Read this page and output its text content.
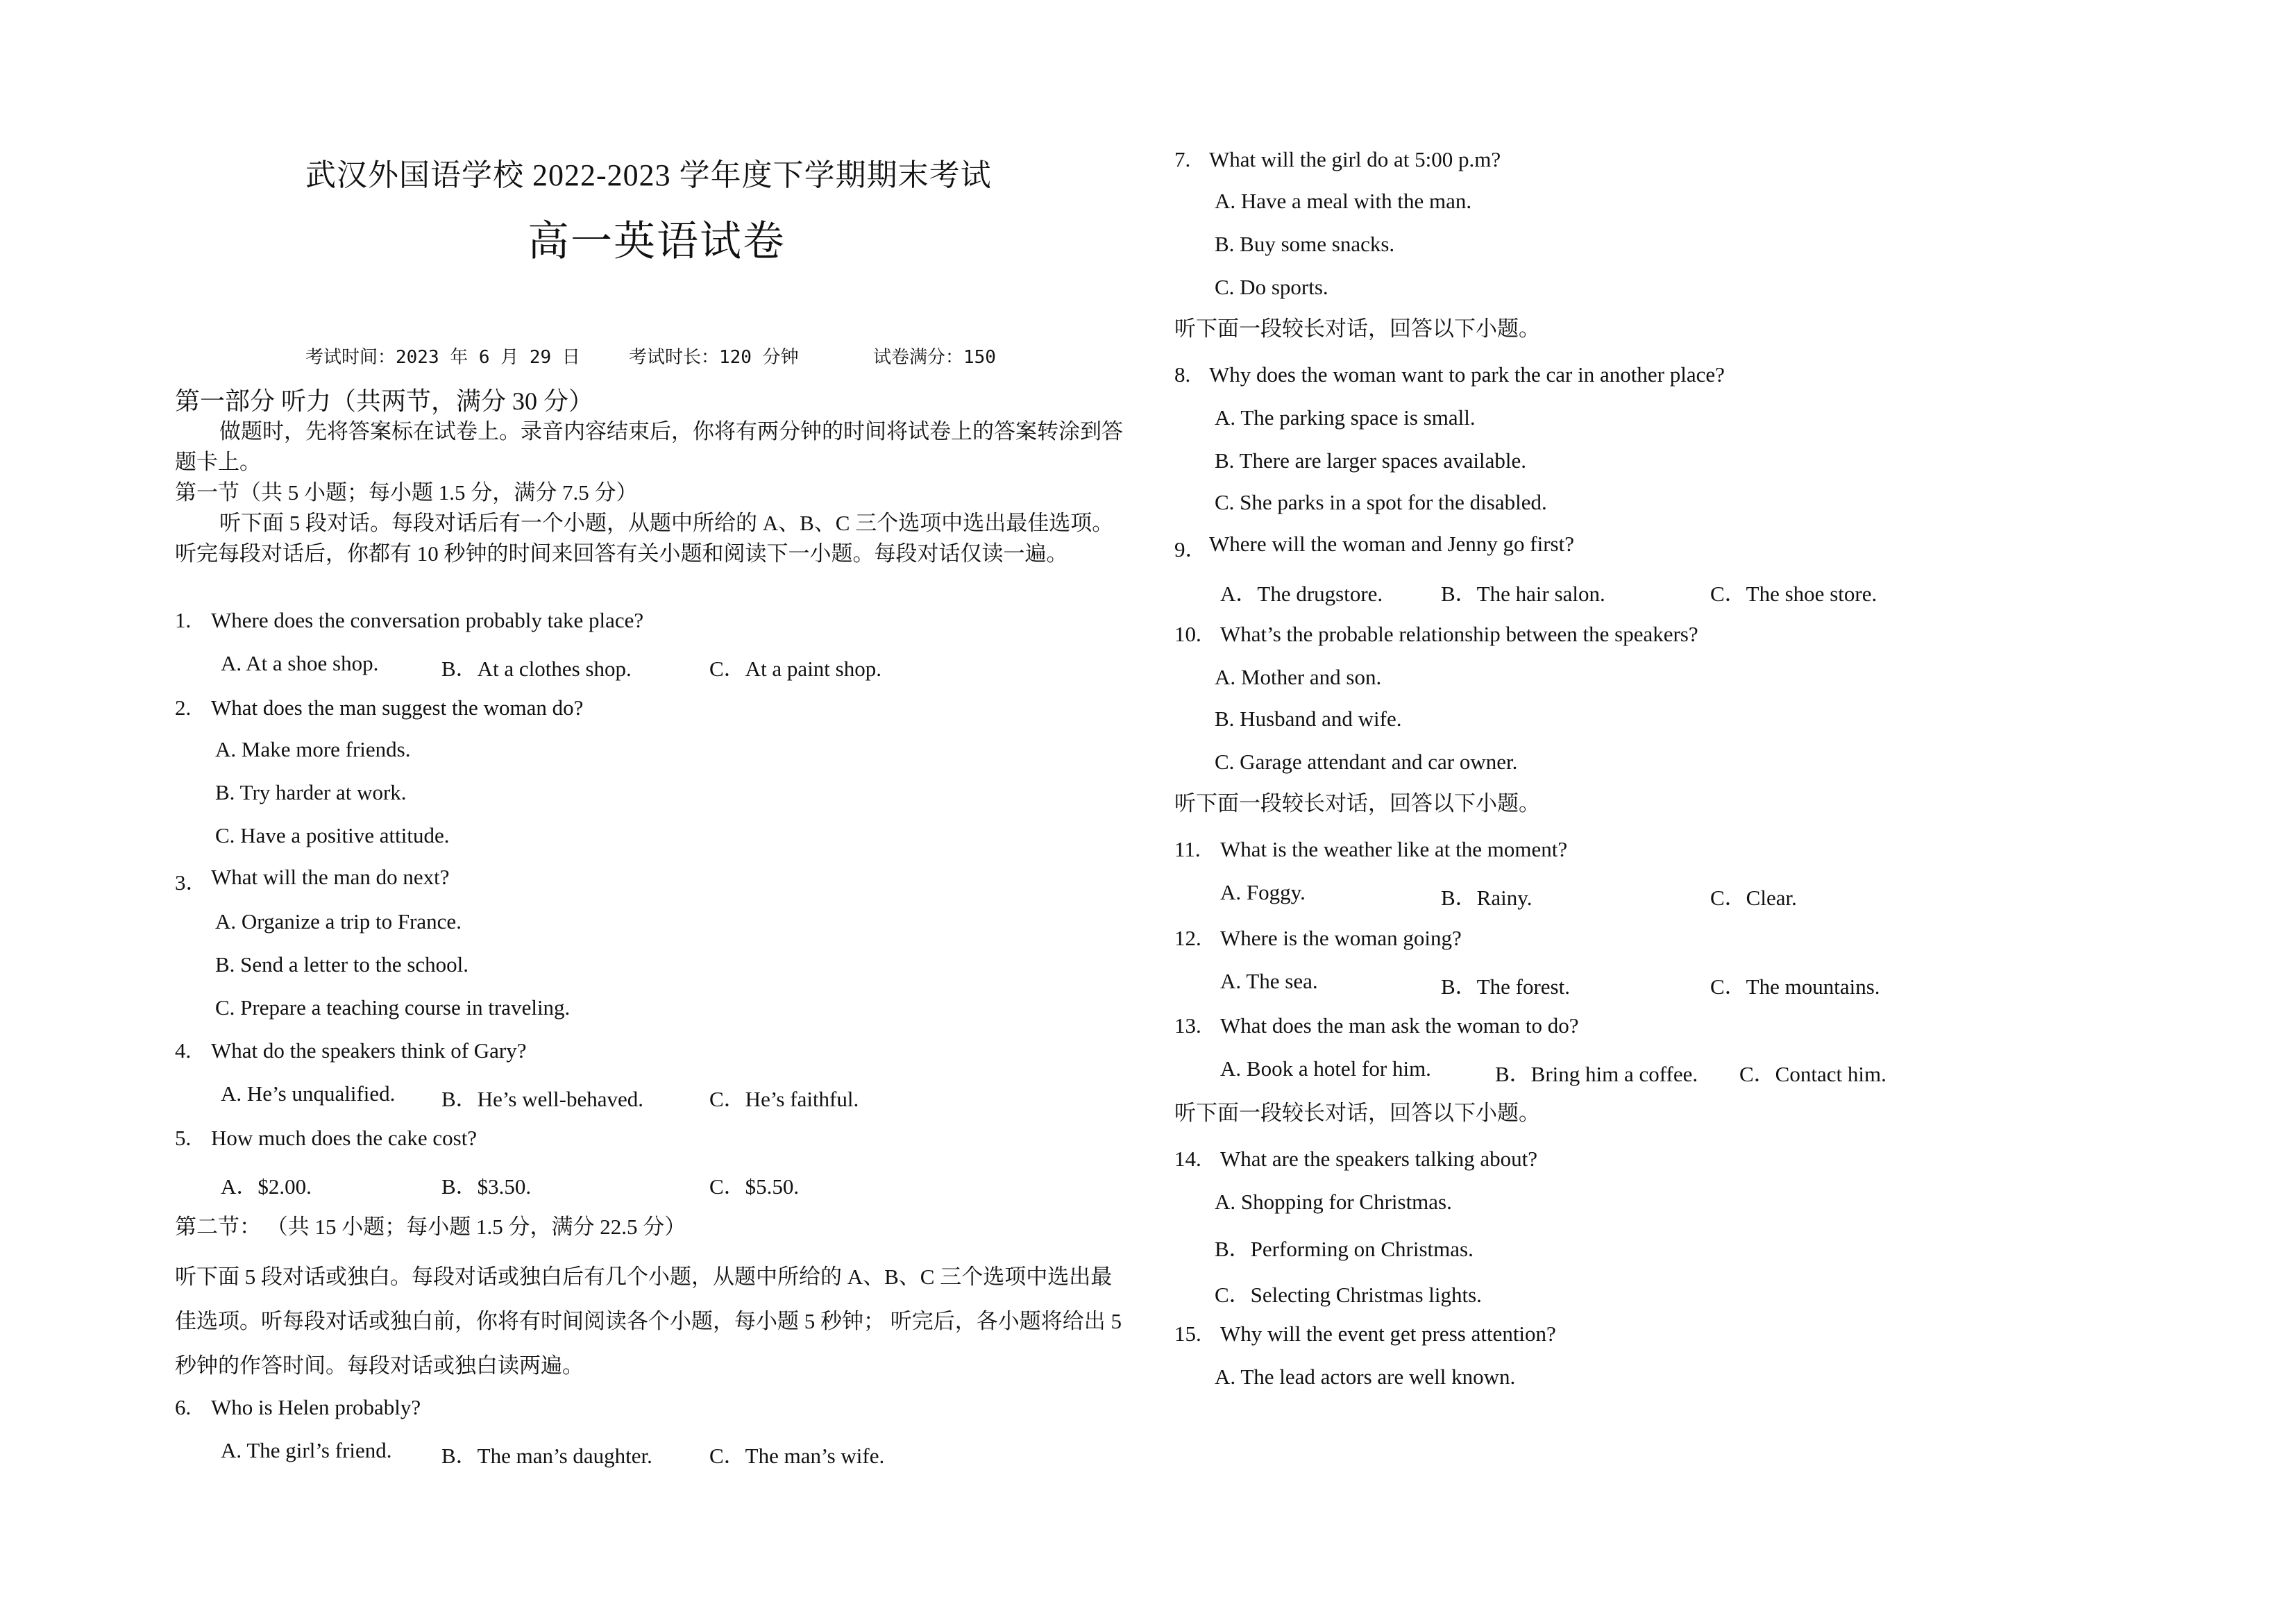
武汉外国语学校 2022-2023 学年度下学期期末考试
高一英语试卷
考试时间：2023 年 6 月 29 日	考试时长：120 分钟	试卷满分：150
第一部分 听力（共两节，满分 30 分）
做题时，先将答案标在试卷上。录音内容结束后，你将有两分钟的时间将试卷上的答案转涂到答题卡上。
第一节（共 5 小题；每小题 1.5 分，满分 7.5 分）
听下面 5 段对话。每段对话后有一个小题，从题中所给的 A、B、C 三个选项中选出最佳选项。听完每段对话后，你都有 10 秒钟的时间来回答有关小题和阅读下一小题。每段对话仅读一遍。
1. Where does the conversation probably take place?
A. At a shoe shop.	B．At a clothes shop.	C．At a paint shop.
2. What does the man suggest the woman do?
A. Make more friends.
B. Try harder at work.
C. Have a positive attitude.
3． What will the man do next?
A. Organize a trip to France.
B. Send a letter to the school.
C. Prepare a teaching course in traveling.
4. What do the speakers think of Gary?
A. He’s unqualified. B．He’s well-behaved.	C．He’s faithful.
5. How much does the cake cost?
A．$2.00.	B．$3.50.	C．$5.50.
第二节： （共 15 小题；每小题 1.5 分，满分 22.5 分）
听下面 5 段对话或独白。每段对话或独白后有几个小题，从题中所给的 A、B、C 三个选项中选出最佳选项。听每段对话或独白前，你将有时间阅读各个小题，每小题 5 秒钟； 听完后，各小题将给出 5 秒钟的作答时间。每段对话或独白读两遍。
6. Who is Helen probably?
A. The girl’s friend. B．The man’s daughter.	C．The man’s wife.
7. What will the girl do at 5:00 p.m?
A. Have a meal with the man.
B. Buy some snacks.
C. Do sports.
听下面一段较长对话，回答以下小题。
8. Why does the woman want to park the car in another place?
A. The parking space is small.
B. There are larger spaces available.
C. She parks in a spot for the disabled.
9． Where will the woman and Jenny go first?
A．The drugstore.	B．The hair salon.	C．The shoe store.
10. What’s the probable relationship between the speakers?
A. Mother and son.
B. Husband and wife.
C. Garage attendant and car owner.
听下面一段较长对话，回答以下小题。
11. What is the weather like at the moment?
A. Foggy.	B．Rainy.	C．Clear.
12. Where is the woman going?
A. The sea.	B．The forest.	C．The mountains.
13. What does the man ask the woman to do?
A. Book a hotel for him.	B．Bring him a coffee. C．Contact him.
听下面一段较长对话，回答以下小题。
14. What are the speakers talking about?
A. Shopping for Christmas.
B．Performing on Christmas.
C．Selecting Christmas lights.
15. Why will the event get press attention?
A. The lead actors are well known.
